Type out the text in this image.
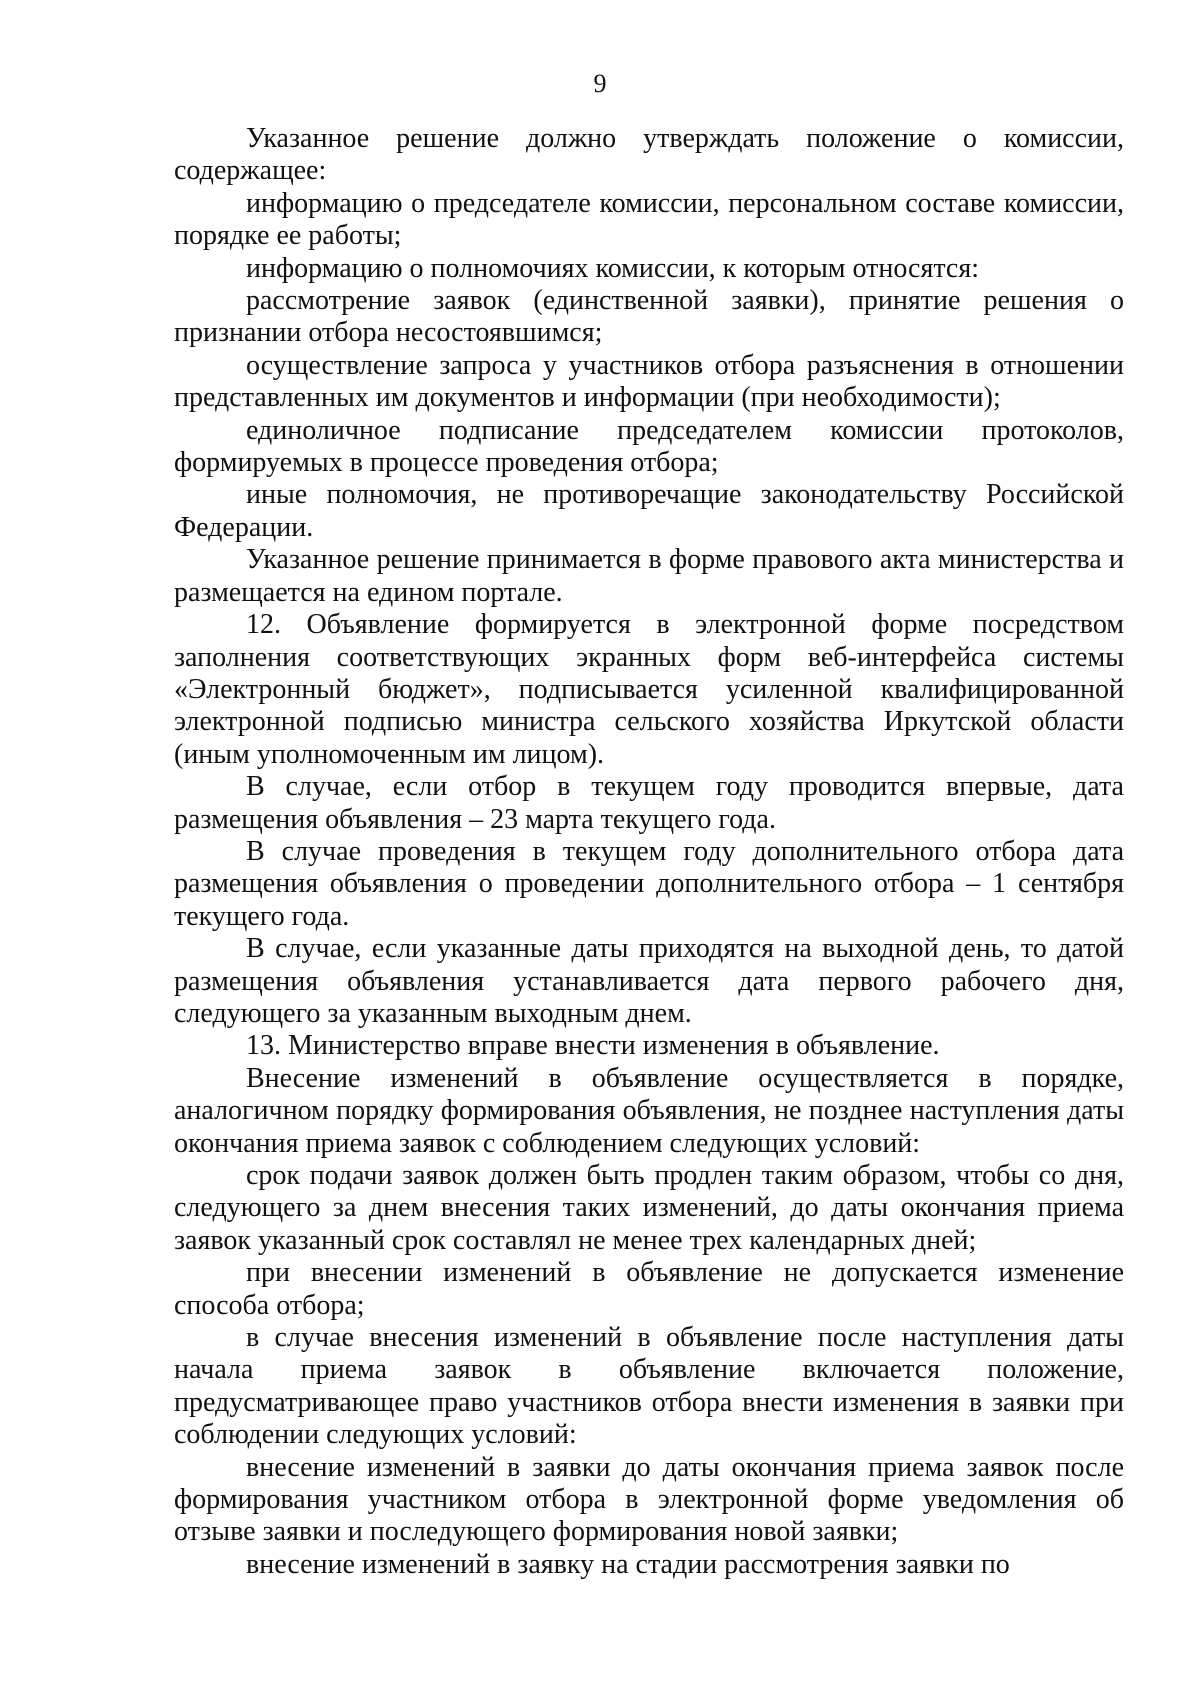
9

Указанное решение должно утверждать положение о комиссии, содержащее:

информацию о председателе комиссии, персональном составе комиссии, порядке ее работы;

информацию о полномочиях комиссии, к которым относятся:

рассмотрение заявок (единственной заявки), принятие решения о признании отбора несостоявшимся;

осуществление запроса у участников отбора разъяснения в отношении представленных им документов и информации (при необходимости);

единоличное подписание председателем комиссии протоколов, формируемых в процессе проведения отбора;

иные полномочия, не противоречащие законодательству Российской Федерации.

Указанное решение принимается в форме правового акта министерства и размещается на едином портале.

12. Объявление формируется в электронной форме посредством заполнения соответствующих экранных форм веб-интерфейса системы «Электронный бюджет», подписывается усиленной квалифицированной электронной подписью министра сельского хозяйства Иркутской области (иным уполномоченным им лицом).

В случае, если отбор в текущем году проводится впервые, дата размещения объявления – 23 марта текущего года.

В случае проведения в текущем году дополнительного отбора дата размещения объявления о проведении дополнительного отбора – 1 сентября текущего года.

В случае, если указанные даты приходятся на выходной день, то датой размещения объявления устанавливается дата первого рабочего дня, следующего за указанным выходным днем.

13. Министерство вправе внести изменения в объявление.

Внесение изменений в объявление осуществляется в порядке, аналогичном порядку формирования объявления, не позднее наступления даты окончания приема заявок с соблюдением следующих условий:

срок подачи заявок должен быть продлен таким образом, чтобы со дня, следующего за днем внесения таких изменений, до даты окончания приема заявок указанный срок составлял не менее трех календарных дней;

при внесении изменений в объявление не допускается изменение способа отбора;

в случае внесения изменений в объявление после наступления даты начала приема заявок в объявление включается положение, предусматривающее право участников отбора внести изменения в заявки при соблюдении следующих условий:

внесение изменений в заявки до даты окончания приема заявок после формирования участником отбора в электронной форме уведомления об отзыве заявки и последующего формирования новой заявки;

внесение изменений в заявку на стадии рассмотрения заявки по
